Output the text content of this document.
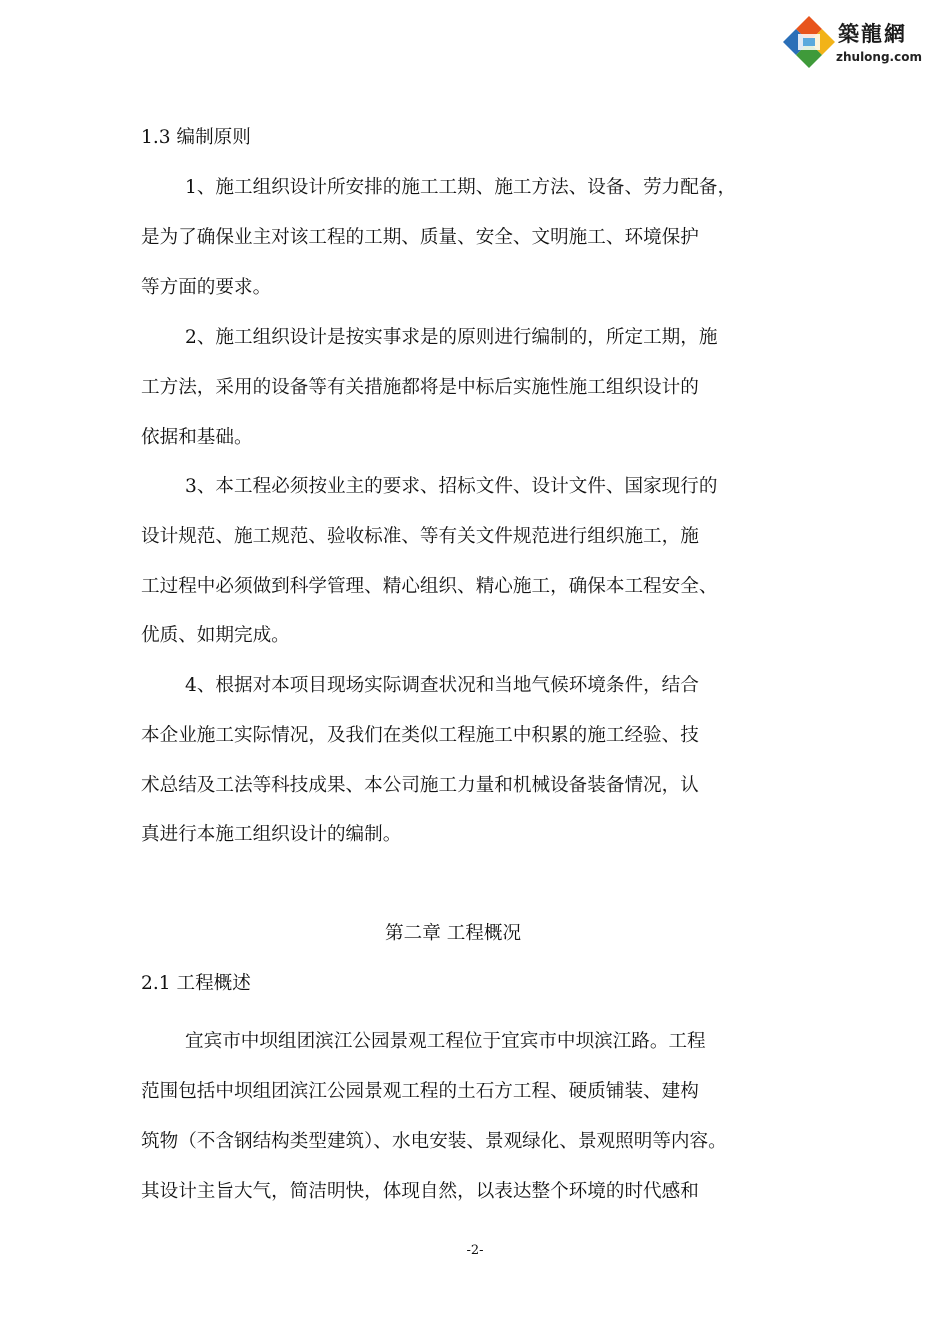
築龍網
zhulong.com
1.3 编制原则
1、施工组织设计所安排的施工工期、施工方法、设备、劳力配备，
是为了确保业主对该工程的工期、质量、安全、文明施工、环境保护
等方面的要求。
2、施工组织设计是按实事求是的原则进行编制的，所定工期，施
工方法，采用的设备等有关措施都将是中标后实施性施工组织设计的
依据和基础。
3、本工程必须按业主的要求、招标文件、设计文件、国家现行的
设计规范、施工规范、验收标准、等有关文件规范进行组织施工，施
工过程中必须做到科学管理、精心组织、精心施工，确保本工程安全、
优质、如期完成。
4、根据对本项目现场实际调查状况和当地气候环境条件，结合
本企业施工实际情况，及我们在类似工程施工中积累的施工经验、技
术总结及工法等科技成果、本公司施工力量和机械设备装备情况，认
真进行本施工组织设计的编制。
第二章 工程概况
2.1 工程概述
宜宾市中坝组团滨江公园景观工程位于宜宾市中坝滨江路。工程
范围包括中坝组团滨江公园景观工程的土石方工程、硬质铺装、建构
筑物（不含钢结构类型建筑）、水电安装、景观绿化、景观照明等内容。
其设计主旨大气，简洁明快，体现自然，以表达整个环境的时代感和
-2-
